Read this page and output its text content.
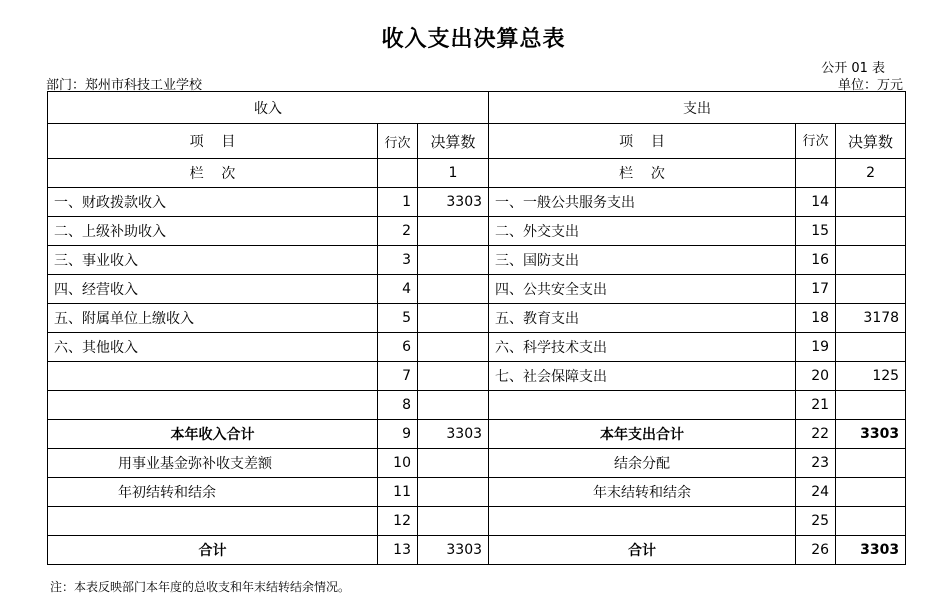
收入支出决算总表
公开 01 表
部门：郑州市科技工业学校	单位：万元
收入			支出		
项    目	行次	决算数	项    目	行次	决算数
栏    次		1	栏    次		2
一、财政拨款收入	1	3303	一、一般公共服务支出	14	
二、上级补助收入	2		二、外交支出	15	
三、事业收入	3		三、国防支出	16	
四、经营收入	4		四、公共安全支出	17	
五、附属单位上缴收入	5		五、教育支出	18	3178
六、其他收入	6		六、科学技术支出	19	
	7		七、社会保障支出	20	125
	8			21	
本年收入合计	9	3303	本年支出合计	22	3303
用事业基金弥补收支差额	10		结余分配	23	
年初结转和结余	11		年末结转和结余	24	
	12			25	
合计	13	3303	合计	26	3303
注：本表反映部门本年度的总收支和年末结转结余情况。
